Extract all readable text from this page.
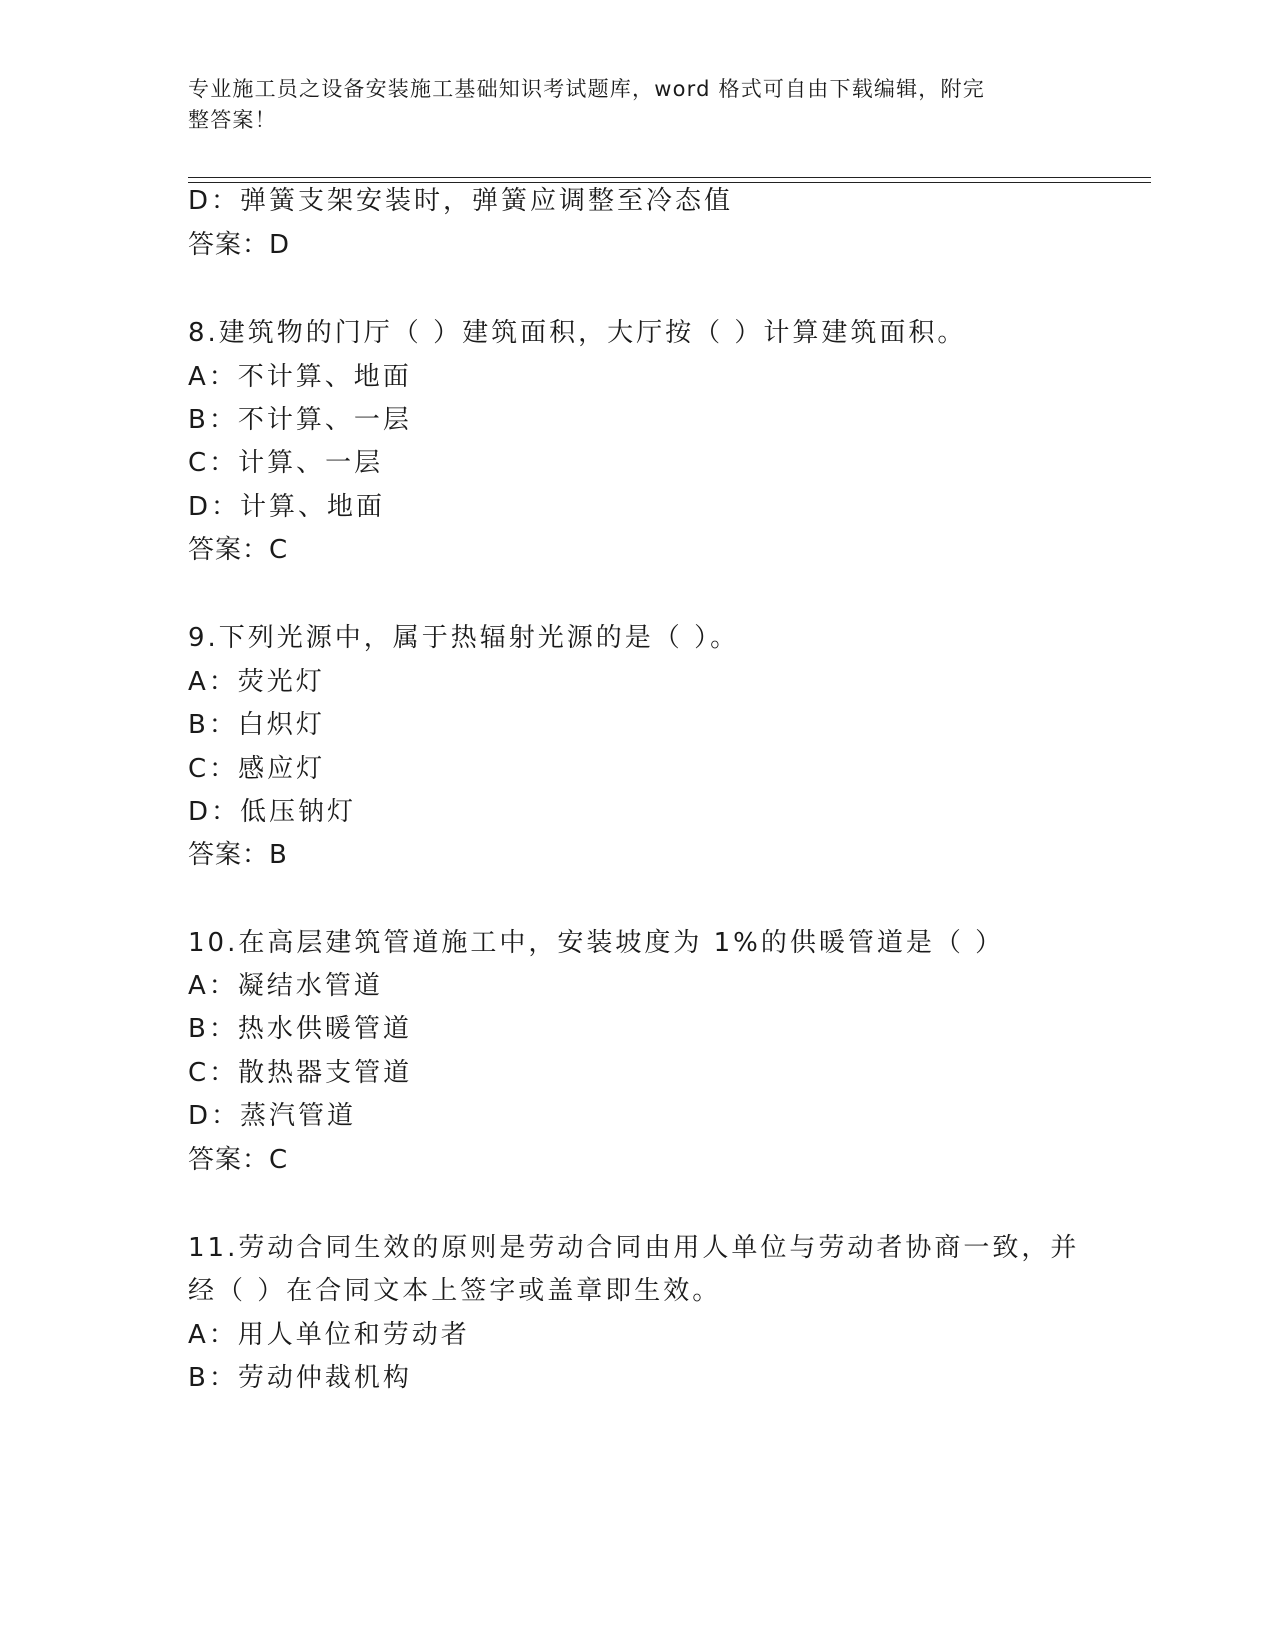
专业施工员之设备安装施工基础知识考试题库，word 格式可自由下载编辑，附完
整答案！
D：弹簧支架安装时，弹簧应调整至冷态值
答案：D
8.建筑物的门厅（ ）建筑面积，大厅按（ ）计算建筑面积。
A：不计算、地面
B：不计算、一层
C：计算、一层
D：计算、地面
答案：C
9.下列光源中，属于热辐射光源的是（ ）。
A：荧光灯
B：白炽灯
C：感应灯
D：低压钠灯
答案：B
10.在高层建筑管道施工中，安装坡度为 1%的供暖管道是（ ）
A：凝结水管道
B：热水供暖管道
C：散热器支管道
D：蒸汽管道
答案：C
11.劳动合同生效的原则是劳动合同由用人单位与劳动者协商一致，并
经（ ）在合同文本上签字或盖章即生效。
A：用人单位和劳动者
B：劳动仲裁机构
